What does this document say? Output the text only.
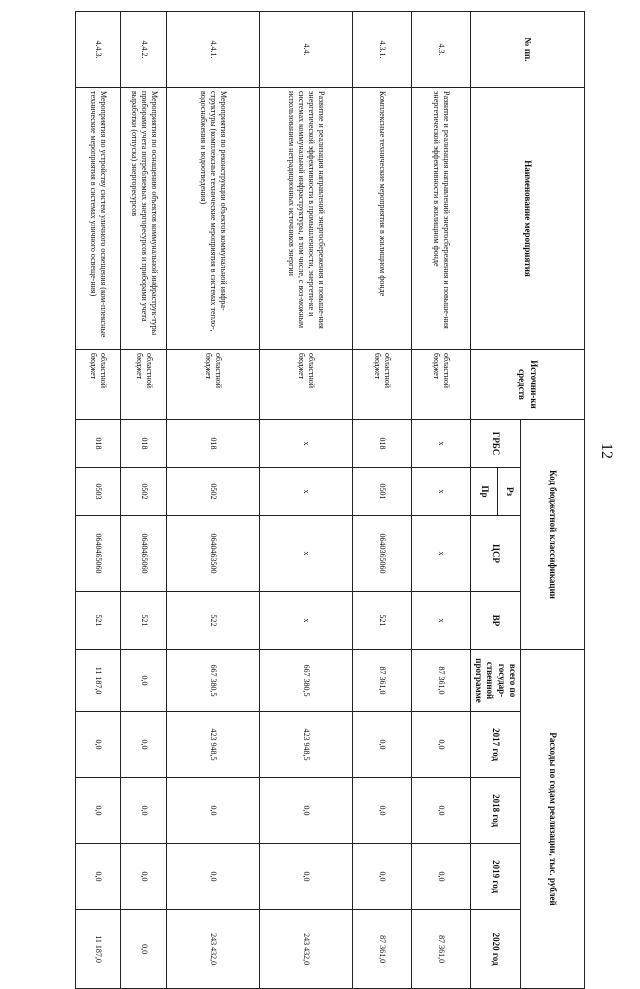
12
№ пп.	Наименование мероприятия	Источни-ки средств	Код бюджетной классификации				Расходы по годам реализации, тыс. рублей				
			ГРБС	Рз	ЦСР	ВР	всего по государ-ственной программе	2017 год	2018 год	2019 год	2020 год
				Пр							
4.3.	Развитие и реализация направлений энергосбережения и повыше-ния энергетической эффективности в жилищном фонде	областной бюджет	x	x	x	x	87 361,0	0,0	0,0	0,0	87 361,0
4.3.1.	Комплексные технические мероприятия в жилищном фонде	областной бюджет	018	0501	0640365060	521	87 361,0	0,0	0,0	0,0	87 361,0
4.4.	Развитие и реализация направлений энергосбережения и повыше-ния энергетической эффективности в промышленности, энергети-ке и системах коммунальной инфраструктуры, в том числе, с воз-можным использованием нетрадиционных источников энергии	областной бюджет	x	x	x	x	667 380,5	423 948,5	0,0	0,0	243 432,0
4.4.1.	Мероприятия по реконструкции объектов коммунальной инфра-структуры (комплексные технические мероприятия в системах тепло-, водоснабжения и водоотведения)	областной бюджет	018	0502	0640463500	522	667 380,5	423 948,5	0,0	0,0	243 432,0
4.4.2.	Мероприятия по оснащению объектов коммунальной инфраструк-туры приборами учета потребляемых энергоресурсов и приборами учета выработки (отпуска) энергоресурсов	областной бюджет	018	0502	0640465060	521	0,0	0,0	0,0	0,0	0,0
4.4.3.	Мероприятия по устройству систем уличного освещения (ком-плексные технические мероприятия в системах уличного освеще-ния)	областной бюджет	018	0503	0640465060	521	11 187,0	0,0	0,0	0,0	11 187,0
